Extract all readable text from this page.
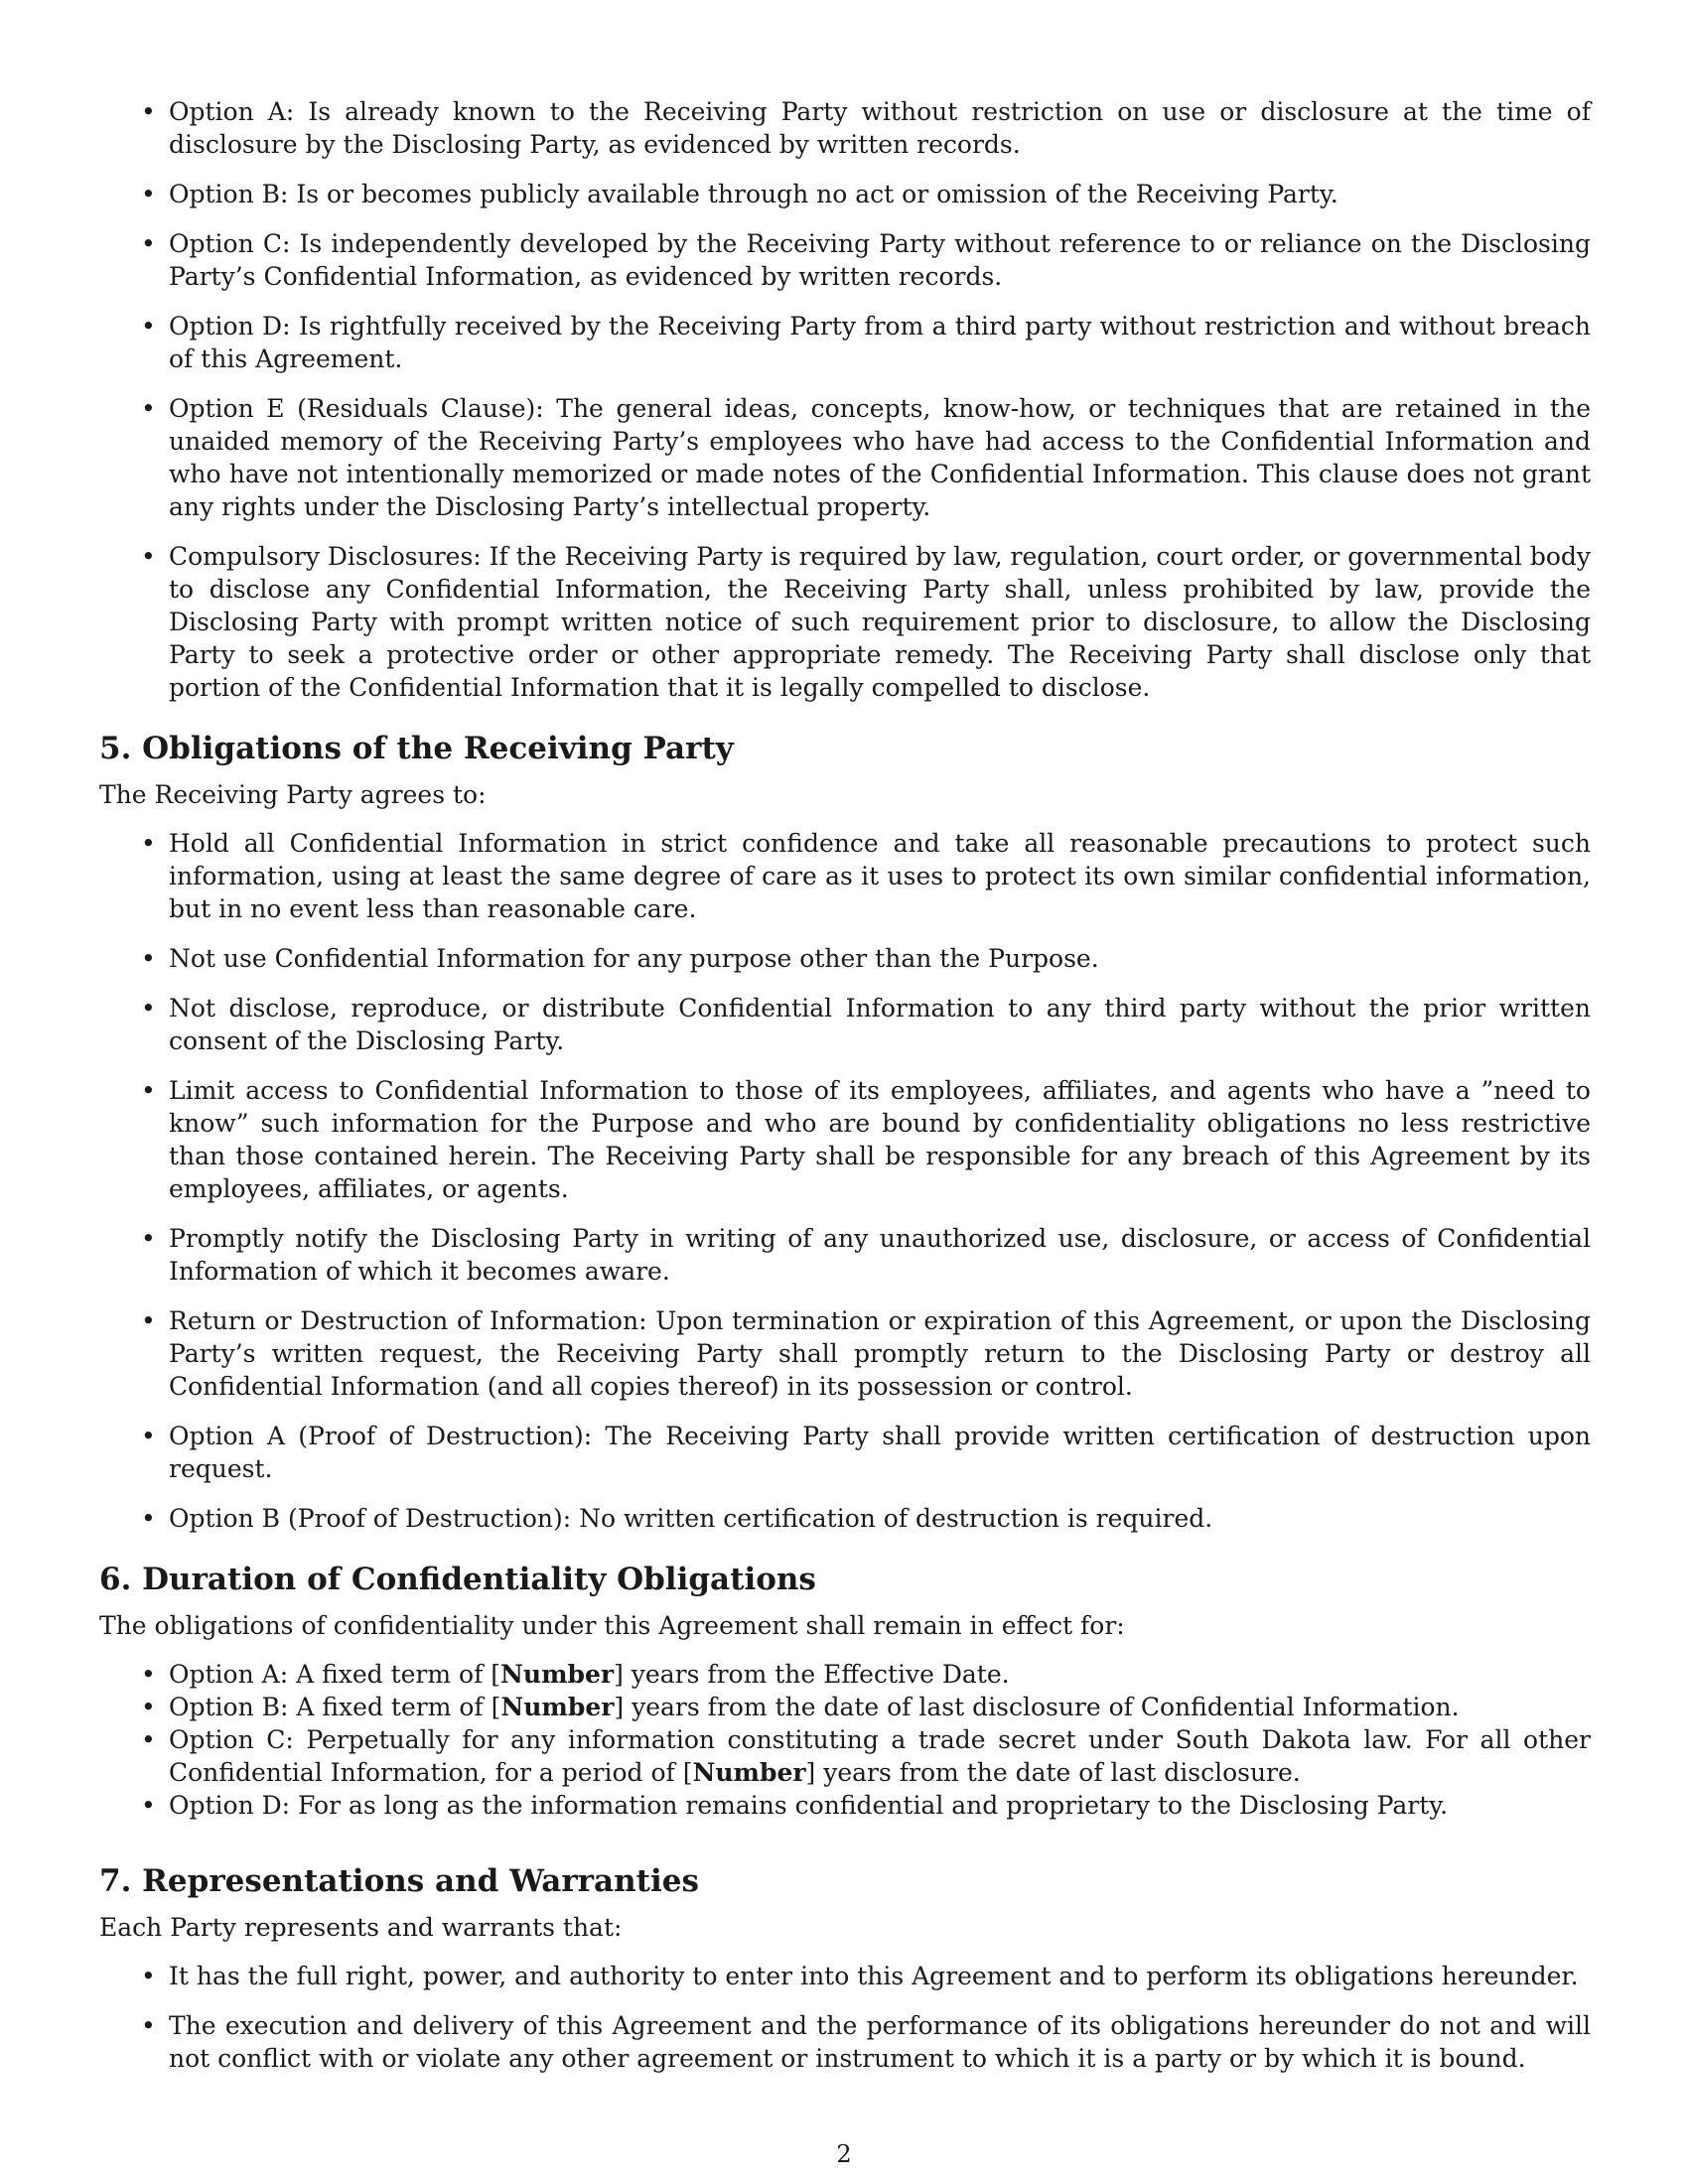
• Option A: Is already known to the Receiving Party without restriction on use or disclosure at the time of disclosure by the Disclosing Party, as evidenced by written records.
• Option B: Is or becomes publicly available through no act or omission of the Receiving Party.
• Option C: Is independently developed by the Receiving Party without reference to or reliance on the Disclosing Party’s Confidential Information, as evidenced by written records.
• Option D: Is rightfully received by the Receiving Party from a third party without restriction and without breach of this Agreement.
• Option E (Residuals Clause): The general ideas, concepts, know-how, or techniques that are retained in the unaided memory of the Receiving Party’s employees who have had access to the Confidential Information and who have not intentionally memorized or made notes of the Confidential Information. This clause does not grant any rights under the Disclosing Party’s intellectual property.
• Compulsory Disclosures: If the Receiving Party is required by law, regulation, court order, or governmental body to disclose any Confidential Information, the Receiving Party shall, unless prohibited by law, provide the Disclosing Party with prompt written notice of such requirement prior to disclosure, to allow the Disclosing Party to seek a protective order or other appropriate remedy. The Receiving Party shall disclose only that portion of the Confidential Information that it is legally compelled to disclose.
5. Obligations of the Receiving Party

The Receiving Party agrees to:

• Hold all Confidential Information in strict confidence and take all reasonable precautions to protect such information, using at least the same degree of care as it uses to protect its own similar confidential information, but in no event less than reasonable care.
• Not use Confidential Information for any purpose other than the Purpose.
• Not disclose, reproduce, or distribute Confidential Information to any third party without the prior written consent of the Disclosing Party.
• Limit access to Confidential Information to those of its employees, affiliates, and agents who have a ”need to know” such information for the Purpose and who are bound by confidentiality obligations no less restrictive than those contained herein. The Receiving Party shall be responsible for any breach of this Agreement by its employees, affiliates, or agents.
• Promptly notify the Disclosing Party in writing of any unauthorized use, disclosure, or access of Confidential Information of which it becomes aware.
• Return or Destruction of Information: Upon termination or expiration of this Agreement, or upon the Disclosing Party’s written request, the Receiving Party shall promptly return to the Disclosing Party or destroy all Confidential Information (and all copies thereof) in its possession or control.
• Option A (Proof of Destruction): The Receiving Party shall provide written certification of destruction upon request.
• Option B (Proof of Destruction): No written certification of destruction is required.
6. Duration of Confidentiality Obligations

The obligations of confidentiality under this Agreement shall remain in effect for:

• Option A: A fixed term of [Number] years from the Effective Date.
• Option B: A fixed term of [Number] years from the date of last disclosure of Confidential Information.
• Option C: Perpetually for any information constituting a trade secret under South Dakota law. For all other Confidential Information, for a period of [Number] years from the date of last disclosure.
• Option D: For as long as the information remains confidential and proprietary to the Disclosing Party.
7. Representations and Warranties

Each Party represents and warrants that:

• It has the full right, power, and authority to enter into this Agreement and to perform its obligations hereunder.
• The execution and delivery of this Agreement and the performance of its obligations hereunder do not and will not conflict with or violate any other agreement or instrument to which it is a party or by which it is bound.
2
